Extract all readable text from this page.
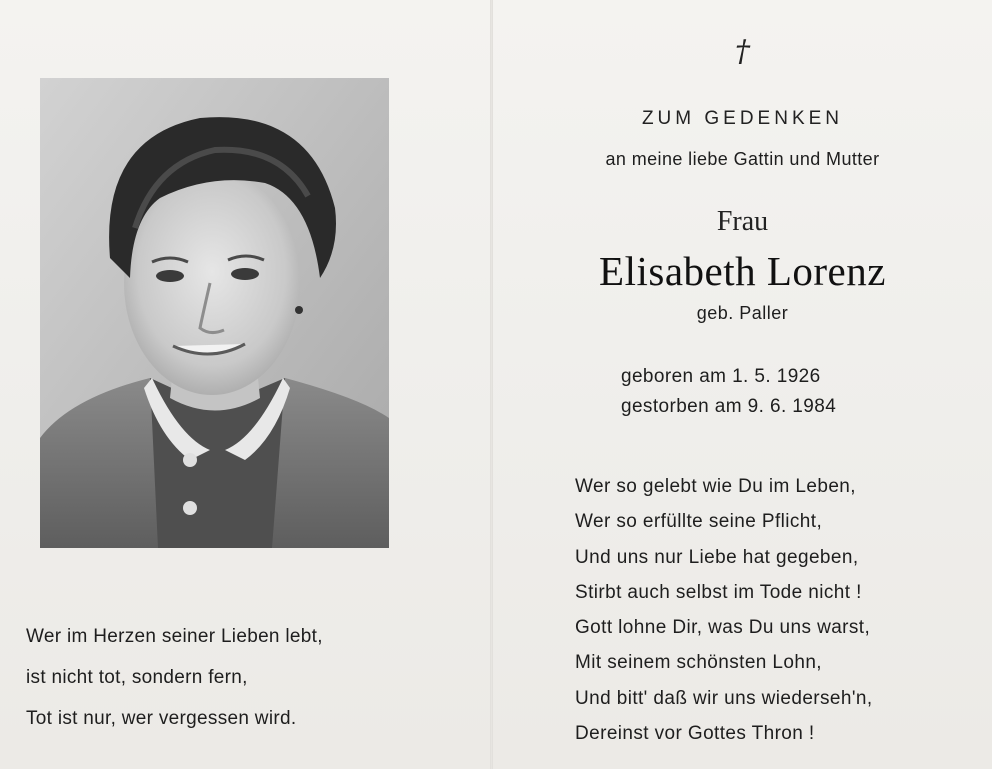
Wer im Herzen seiner Lieben lebt,
ist nicht tot, sondern fern,
Tot ist nur, wer vergessen wird.
†
ZUM GEDENKEN
an meine liebe Gattin und Mutter
Frau
Elisabeth Lorenz
geb. Paller
geboren am 1. 5. 1926
gestorben am 9. 6. 1984
Wer so gelebt wie Du im Leben,
Wer so erfüllte seine Pflicht,
Und uns nur Liebe hat gegeben,
Stirbt auch selbst im Tode nicht !
Gott lohne Dir, was Du uns warst,
Mit seinem schönsten Lohn,
Und bitt' daß wir uns wiederseh'n,
Dereinst vor Gottes Thron !
